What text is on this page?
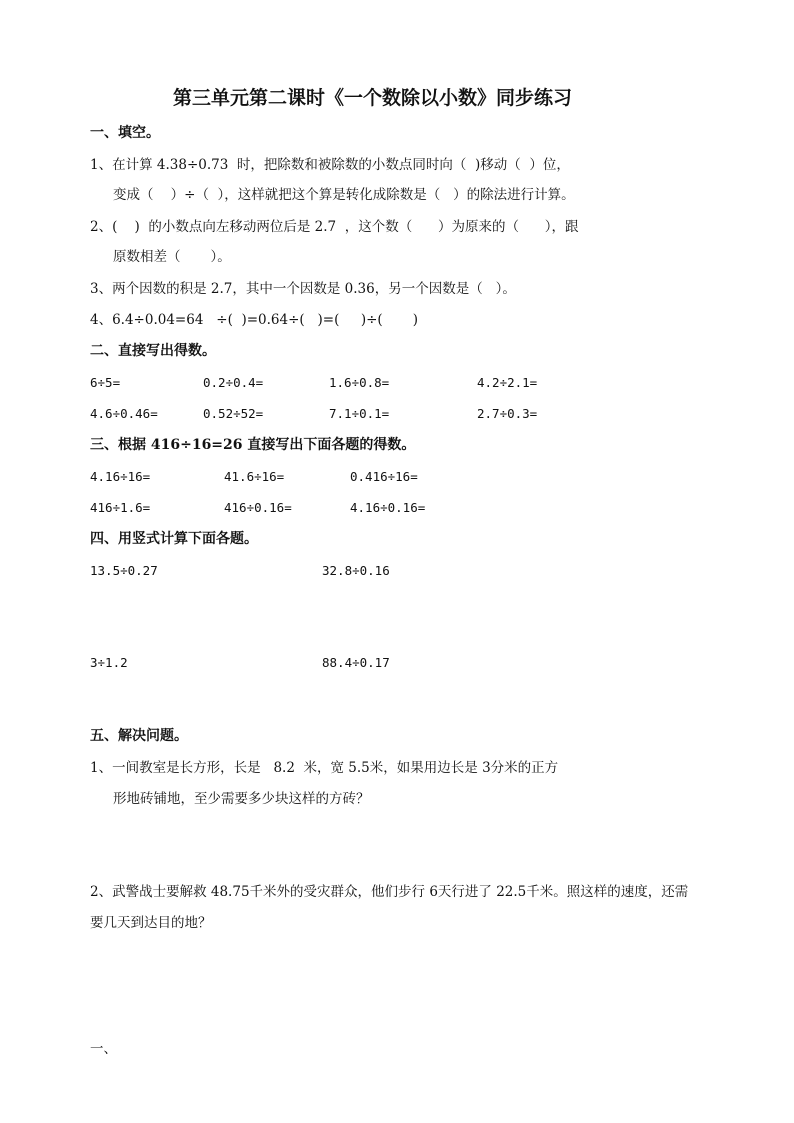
第三单元第二课时《一个数除以小数》同步练习
一、填空。
1、在计算 4.38÷0.73  时，把除数和被除数的小数点同时向（  )移动（  ）位，
变成（    ）÷（  ），这样就把这个算是转化成除数是（   ）的除法进行计算。
2、(    )  的小数点向左移动两位后是 2.7  ，这个数（      ）为原来的（      ），跟
原数相差（       ）。
3、两个因数的积是 2.7，其中一个因数是 0.36，另一个因数是（   ）。
4、6.4÷0.04=64   ÷(  )=0.64÷(   )=(     )÷(       )
二、直接写出得数。
6÷5=	0.2÷0.4=	1.6÷0.8=	4.2÷2.1=
4.6÷0.46=	0.52÷52=	7.1÷0.1=	2.7÷0.3=
三、根据 416÷16=26 直接写出下面各题的得数。
4.16÷16=	41.6÷16=	0.416÷16=
416÷1.6=	416÷0.16=	4.16÷0.16=
四、用竖式计算下面各题。
13.5÷0.27	32.8÷0.16
3÷1.2	88.4÷0.17
五、解决问题。
1、一间教室是长方形，长是   8.2  米，宽 5.5米，如果用边长是 3分米的正方
形地砖铺地，至少需要多少块这样的方砖？
2、武警战士要解救 48.75千米外的受灾群众，他们步行 6天行进了 22.5千米。照这样的速度，还需
要几天到达目的地？
一、
